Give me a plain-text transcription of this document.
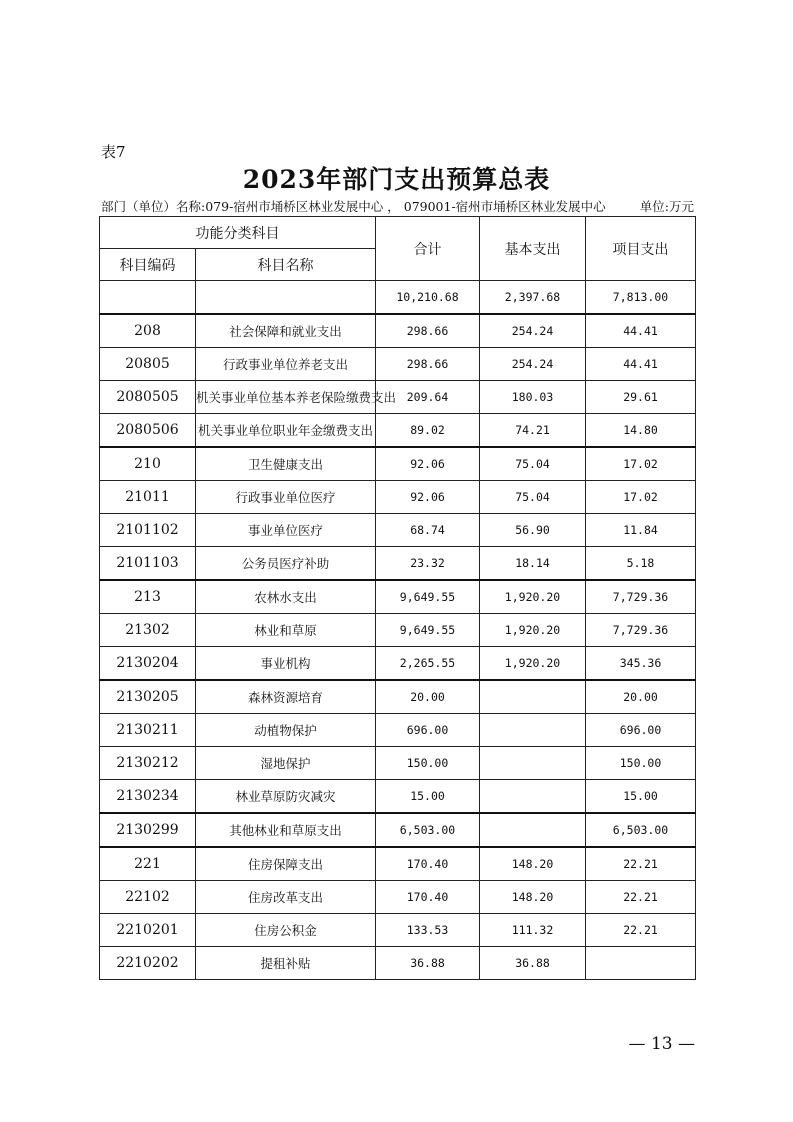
表7
2023年部门支出预算总表
部门（单位）名称:079-宿州市埇桥区林业发展中心 ， 079001-宿州市埇桥区林业发展中心	单位:万元
功能分类科目		合计	基本支出	项目支出
科目编码	科目名称			
		10,210.68	2,397.68	7,813.00
208	社会保障和就业支出	298.66	254.24	44.41
20805	行政事业单位养老支出	298.66	254.24	44.41
2080505	机关事业单位基本养老保险缴费支出	209.64	180.03	29.61
2080506	机关事业单位职业年金缴费支出	89.02	74.21	14.80
210	卫生健康支出	92.06	75.04	17.02
21011	行政事业单位医疗	92.06	75.04	17.02
2101102	事业单位医疗	68.74	56.90	11.84
2101103	公务员医疗补助	23.32	18.14	5.18
213	农林水支出	9,649.55	1,920.20	7,729.36
21302	林业和草原	9,649.55	1,920.20	7,729.36
2130204	事业机构	2,265.55	1,920.20	345.36
2130205	森林资源培育	20.00		20.00
2130211	动植物保护	696.00		696.00
2130212	湿地保护	150.00		150.00
2130234	林业草原防灾减灾	15.00		15.00
2130299	其他林业和草原支出	6,503.00		6,503.00
221	住房保障支出	170.40	148.20	22.21
22102	住房改革支出	170.40	148.20	22.21
2210201	住房公积金	133.53	111.32	22.21
2210202	提租补贴	36.88	36.88	
— 13 —
